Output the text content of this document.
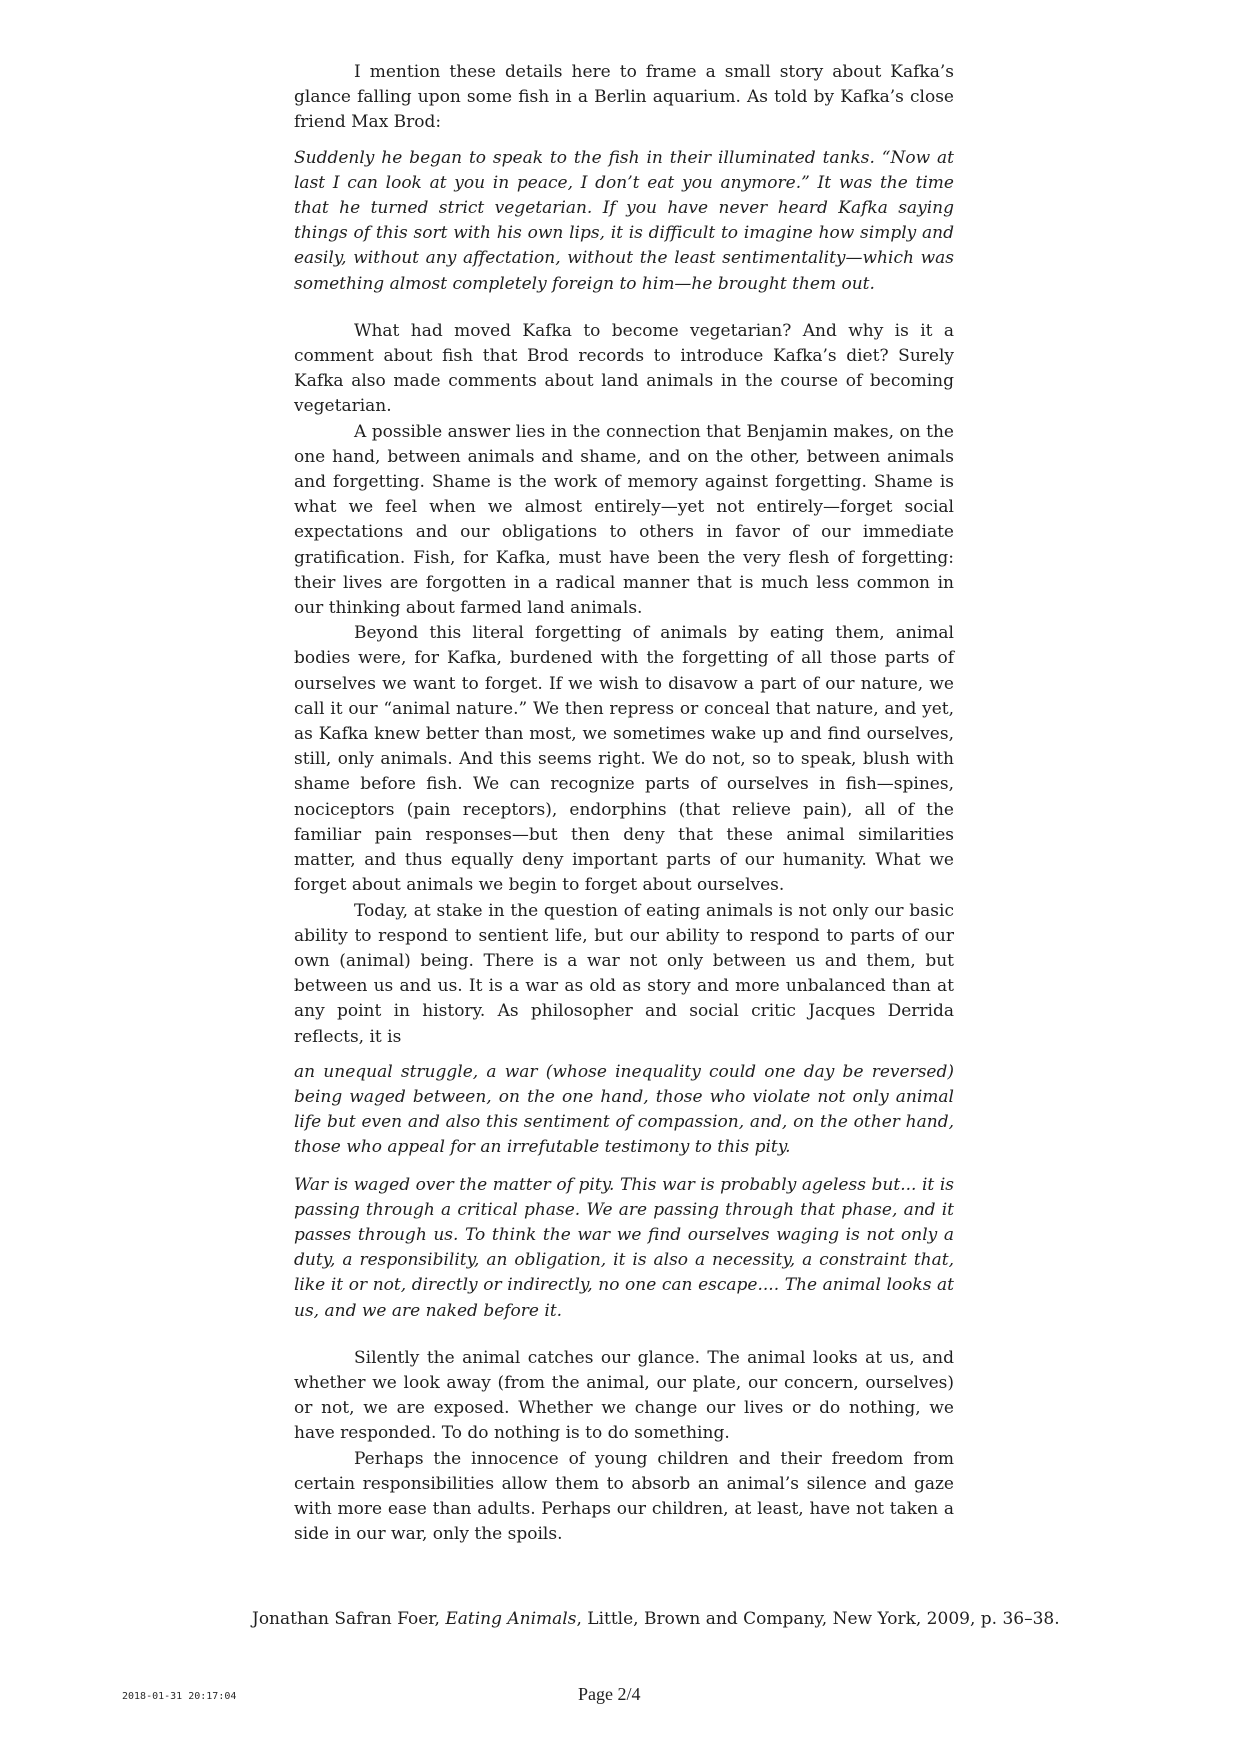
I mention these details here to frame a small story about Kafka’s glance falling upon some fish in a Berlin aquarium. As told by Kafka’s close friend Max Brod:

Suddenly he began to speak to the fish in their illuminated tanks. “Now at last I can look at you in peace, I don’t eat you anymore.” It was the time that he turned strict vegetarian. If you have never heard Kafka saying things of this sort with his own lips, it is difficult to imagine how simply and easily, without any affectation, without the least sentimentality—which was something almost completely foreign to him—he brought them out.

What had moved Kafka to become vegetarian? And why is it a comment about fish that Brod records to introduce Kafka’s diet? Surely Kafka also made comments about land animals in the course of becoming vegetarian.

A possible answer lies in the connection that Benjamin makes, on the one hand, between animals and shame, and on the other, between animals and forgetting. Shame is the work of memory against forgetting. Shame is what we feel when we almost entirely—yet not entirely—forget social expectations and our obligations to others in favor of our immediate gratification. Fish, for Kafka, must have been the very flesh of forgetting: their lives are forgotten in a radical manner that is much less common in our thinking about farmed land animals.

Beyond this literal forgetting of animals by eating them, animal bodies were, for Kafka, burdened with the forgetting of all those parts of ourselves we want to forget. If we wish to disavow a part of our nature, we call it our “animal nature.” We then repress or conceal that nature, and yet, as Kafka knew better than most, we sometimes wake up and find ourselves, still, only animals. And this seems right. We do not, so to speak, blush with shame before fish. We can recognize parts of ourselves in fish—spines, nociceptors (pain receptors), endorphins (that relieve pain), all of the familiar pain responses—but then deny that these animal similarities matter, and thus equally deny important parts of our humanity. What we forget about animals we begin to forget about ourselves.

Today, at stake in the question of eating animals is not only our basic ability to respond to sentient life, but our ability to respond to parts of our own (animal) being. There is a war not only between us and them, but between us and us. It is a war as old as story and more unbalanced than at any point in history. As philosopher and social critic Jacques Derrida reflects, it is

an unequal struggle, a war (whose inequality could one day be reversed) being waged between, on the one hand, those who violate not only animal life but even and also this sentiment of compassion, and, on the other hand, those who appeal for an irrefutable testimony to this pity.

War is waged over the matter of pity. This war is probably ageless but... it is passing through a critical phase. We are passing through that phase, and it passes through us. To think the war we find ourselves waging is not only a duty, a responsibility, an obligation, it is also a necessity, a constraint that, like it or not, directly or indirectly, no one can escape.... The animal looks at us, and we are naked before it.

Silently the animal catches our glance. The animal looks at us, and whether we look away (from the animal, our plate, our concern, ourselves) or not, we are exposed. Whether we change our lives or do nothing, we have responded. To do nothing is to do something.

Perhaps the innocence of young children and their freedom from certain responsibilities allow them to absorb an animal’s silence and gaze with more ease than adults. Perhaps our children, at least, have not taken a side in our war, only the spoils.

Jonathan Safran Foer, Eating Animals, Little, Brown and Company, New York, 2009, p. 36–38.
2018-01-31 20:17:04	Page 2/4
